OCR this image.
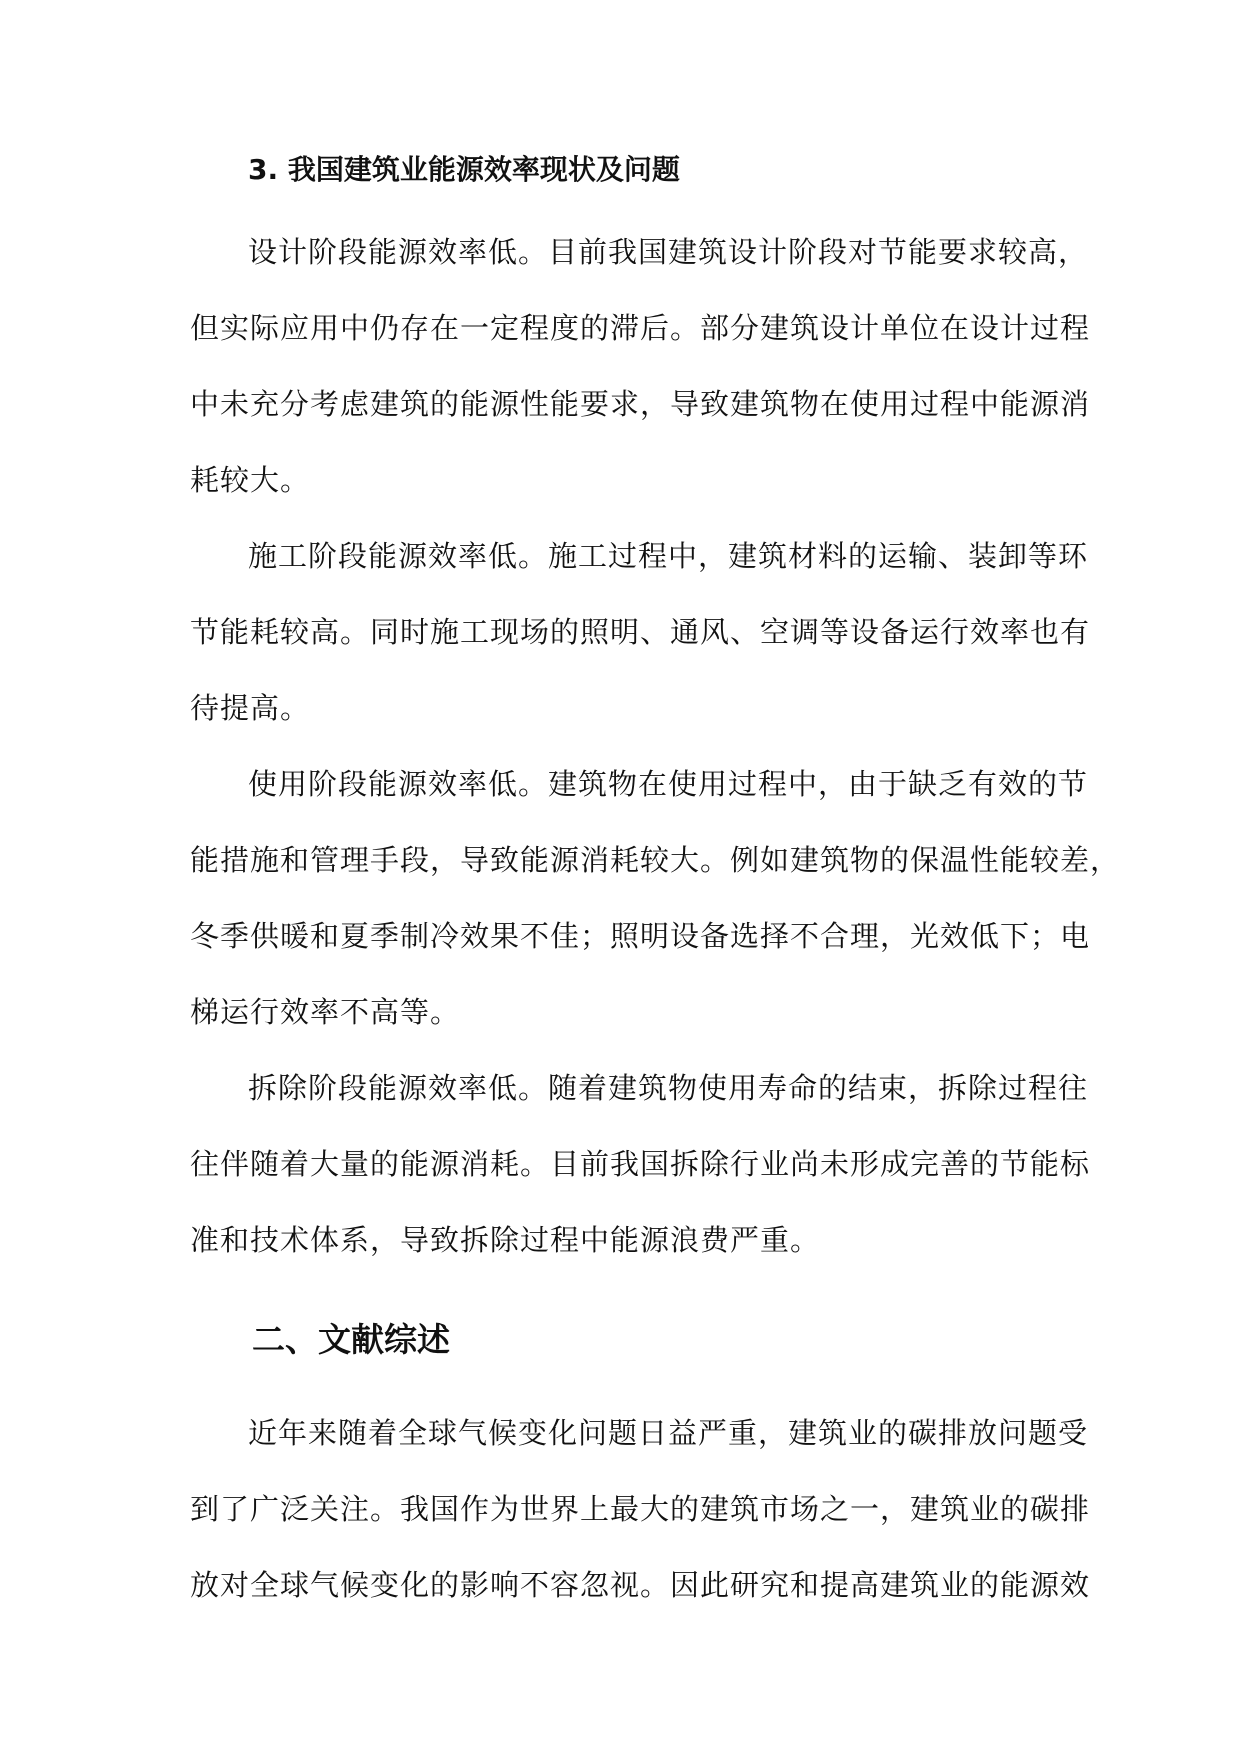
3. 我国建筑业能源效率现状及问题
设计阶段能源效率低。目前我国建筑设计阶段对节能要求较高，
但实际应用中仍存在一定程度的滞后。部分建筑设计单位在设计过程
中未充分考虑建筑的能源性能要求，导致建筑物在使用过程中能源消
耗较大。
施工阶段能源效率低。施工过程中，建筑材料的运输、装卸等环
节能耗较高。同时施工现场的照明、通风、空调等设备运行效率也有
待提高。
使用阶段能源效率低。建筑物在使用过程中，由于缺乏有效的节
能措施和管理手段，导致能源消耗较大。例如建筑物的保温性能较差，
冬季供暖和夏季制冷效果不佳；照明设备选择不合理，光效低下；电
梯运行效率不高等。
拆除阶段能源效率低。随着建筑物使用寿命的结束，拆除过程往
往伴随着大量的能源消耗。目前我国拆除行业尚未形成完善的节能标
准和技术体系，导致拆除过程中能源浪费严重。
二、文献综述
近年来随着全球气候变化问题日益严重，建筑业的碳排放问题受
到了广泛关注。我国作为世界上最大的建筑市场之一，建筑业的碳排
放对全球气候变化的影响不容忽视。因此研究和提高建筑业的能源效
